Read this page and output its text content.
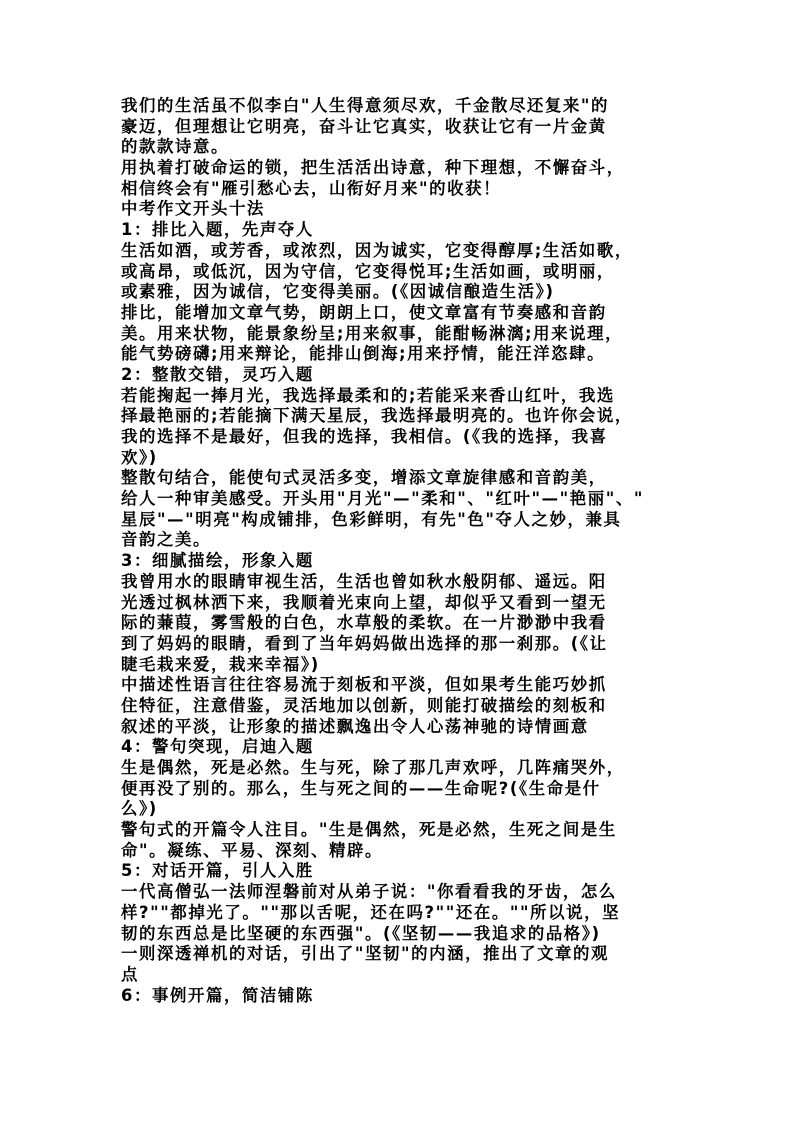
我们的生活虽不似李白"人生得意须尽欢，千金散尽还复来"的
豪迈，但理想让它明亮，奋斗让它真实，收获让它有一片金黄
的款款诗意。
用执着打破命运的锁，把生活活出诗意，种下理想，不懈奋斗，
相信终会有"雁引愁心去，山衔好月来"的收获！
中考作文开头十法
1：排比入题，先声夺人
生活如酒，或芳香，或浓烈，因为诚实，它变得醇厚;生活如歌，
或高昂，或低沉，因为守信，它变得悦耳;生活如画，或明丽，
或素雅，因为诚信，它变得美丽。(《因诚信酿造生活》)
排比，能增加文章气势，朗朗上口，使文章富有节奏感和音韵
美。用来状物，能景象纷呈;用来叙事，能酣畅淋漓;用来说理，
能气势磅礴;用来辩论，能排山倒海;用来抒情，能汪洋恣肆。
2：整散交错，灵巧入题
若能掬起一捧月光，我选择最柔和的;若能采来香山红叶，我选
择最艳丽的;若能摘下满天星辰，我选择最明亮的。也许你会说，
我的选择不是最好，但我的选择，我相信。(《我的选择，我喜
欢》)
整散句结合，能使句式灵活多变，增添文章旋律感和音韵美，
给人一种审美感受。开头用"月光"—"柔和"、"红叶"—"艳丽"、"
星辰"—"明亮"构成铺排，色彩鲜明，有先"色"夺人之妙，兼具
音韵之美。
3：细腻描绘，形象入题
我曾用水的眼睛审视生活，生活也曾如秋水般阴郁、遥远。阳
光透过枫林洒下来，我顺着光束向上望，却似乎又看到一望无
际的蒹葭，雾雪般的白色，水草般的柔软。在一片渺渺中我看
到了妈妈的眼睛，看到了当年妈妈做出选择的那一刹那。(《让
睫毛栽来爱，栽来幸福》)
中描述性语言往往容易流于刻板和平淡，但如果考生能巧妙抓
住特征，注意借鉴，灵活地加以创新，则能打破描绘的刻板和
叙述的平淡，让形象的描述飘逸出令人心荡神驰的诗情画意
4：警句突现，启迪入题
生是偶然，死是必然。生与死，除了那几声欢呼，几阵痛哭外，
便再没了别的。那么，生与死之间的——生命呢?(《生命是什
么》)
警句式的开篇令人注目。"生是偶然，死是必然，生死之间是生
命"。凝练、平易、深刻、精辟。
5：对话开篇，引人入胜
一代高僧弘一法师涅磐前对从弟子说："你看看我的牙齿，怎么
样?""都掉光了。""那以舌呢，还在吗?""还在。""所以说，坚
韧的东西总是比坚硬的东西强"。(《坚韧——我追求的品格》)
一则深透禅机的对话，引出了"坚韧"的内涵，推出了文章的观
点
6：事例开篇，简洁铺陈
